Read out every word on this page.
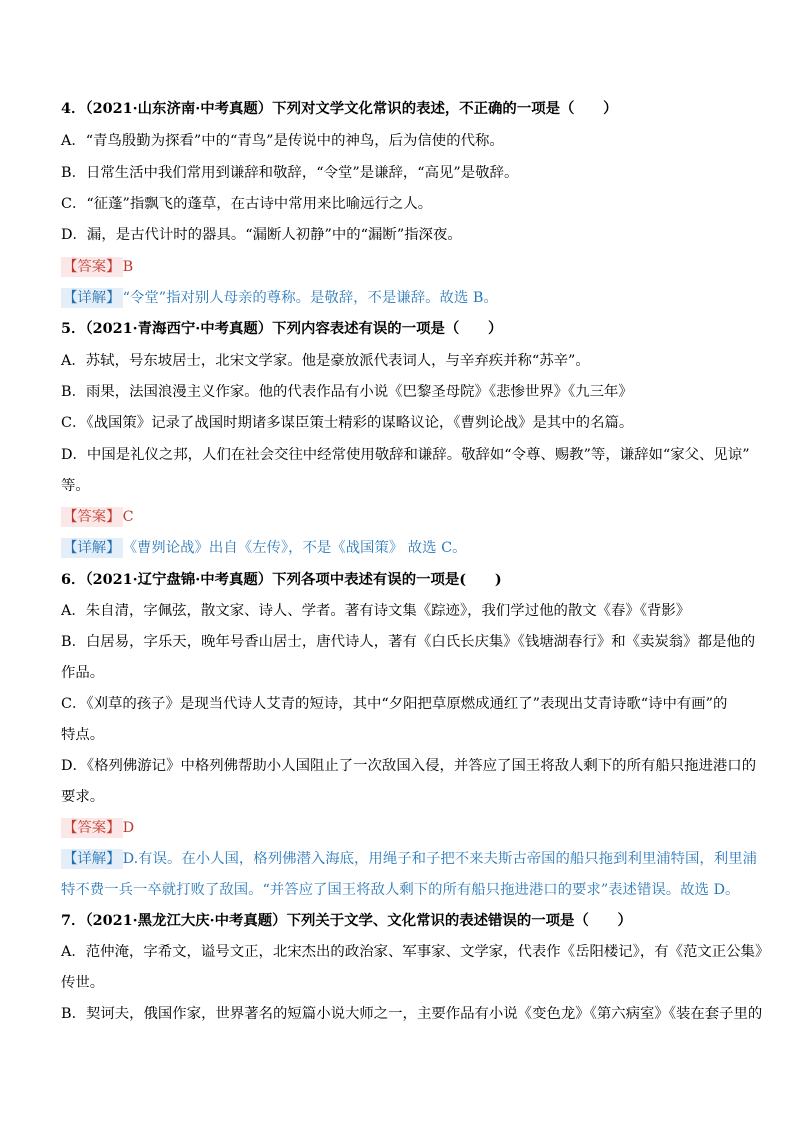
4．（2021·山东济南·中考真题）下列对文学文化常识的表述，不正确的一项是（　　）
A．“青鸟殷勤为探看”中的“青鸟”是传说中的神鸟，后为信使的代称。
B．日常生活中我们常用到谦辞和敬辞，“令堂”是谦辞，“高见”是敬辞。
C．“征蓬”指飘飞的蓬草，在古诗中常用来比喻远行之人。
D．漏，是古代计时的器具。“漏断人初静”中的“漏断”指深夜。
【答案】 B
【详解】 “令堂”指对别人母亲的尊称。是敬辞，不是谦辞。故选 B。
5．（2021·青海西宁·中考真题）下列内容表述有误的一项是（　　）
A．苏轼，号东坡居士，北宋文学家。他是豪放派代表词人，与辛弃疾并称“苏辛”。
B．雨果，法国浪漫主义作家。他的代表作品有小说《巴黎圣母院》《悲惨世界》《九三年》
C．《战国策》记录了战国时期诸多谋臣策士精彩的谋略议论，《曹刿论战》是其中的名篇。
D．中国是礼仪之邦，人们在社会交往中经常使用敬辞和谦辞。敬辞如“令尊、赐教”等，谦辞如“家父、见谅”
等。
【答案】 C
【详解】 《曹刿论战》出自《左传》，不是《战国策》 故选 C。
6．（2021·辽宁盘锦·中考真题）下列各项中表述有误的一项是(　　)
A．朱自清，字佩弦，散文家、诗人、学者。著有诗文集《踪迹》，我们学过他的散文《春》《背影》
B．白居易，字乐天，晚年号香山居士，唐代诗人，著有《白氏长庆集》《钱塘湖春行》和《卖炭翁》都是他的
作品。
C．《刈草的孩子》是现当代诗人艾青的短诗，其中“夕阳把草原燃成通红了”表现出艾青诗歌“诗中有画”的
特点。
D．《格列佛游记》中格列佛帮助小人国阻止了一次敌国入侵，并答应了国王将敌人剩下的所有船只拖进港口的
要求。
【答案】 D
【详解】 D.有误。在小人国，格列佛潜入海底，用绳子和子把不来夫斯古帝国的船只拖到利里浦特国，利里浦
特不费一兵一卒就打败了敌国。“并答应了国王将敌人剩下的所有船只拖进港口的要求”表述错误。故选 D。
7．（2021·黑龙江大庆·中考真题）下列关于文学、文化常识的表述错误的一项是（　　）
A．范仲淹，字希文，谥号文正，北宋杰出的政治家、军事家、文学家，代表作《岳阳楼记》，有《范文正公集》
传世。
B．契诃夫，俄国作家，世界著名的短篇小说大师之一，主要作品有小说《变色龙》《第六病室》《装在套子里的
